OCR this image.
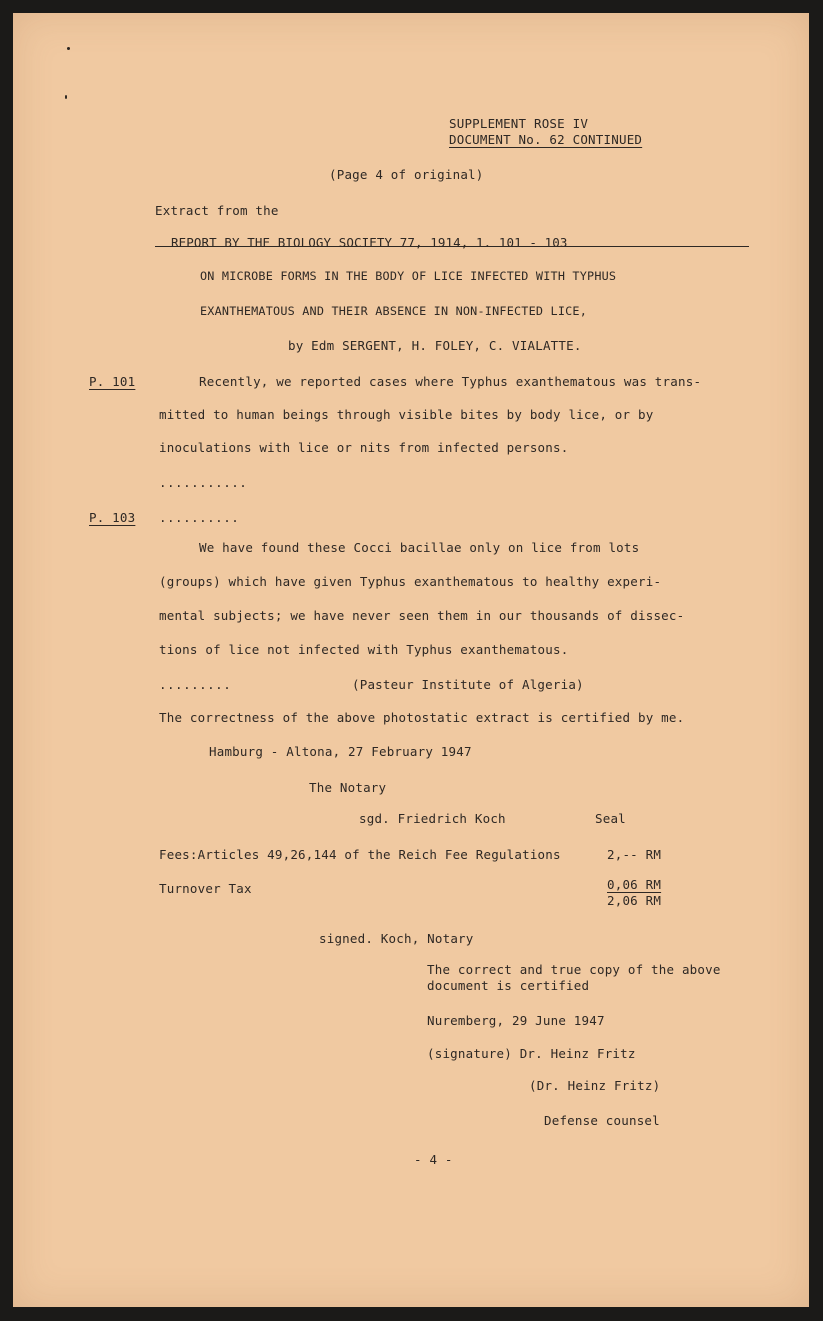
SUPPLEMENT ROSE IV
DOCUMENT No. 62 CONTINUED
(Page 4 of original)
Extract from the
REPORT BY THE BIOLOGY SOCIETY 77, 1914, 1. 101 - 103
ON MICROBE FORMS IN THE BODY OF LICE INFECTED WITH TYPHUS
EXANTHEMATOUS AND THEIR ABSENCE IN NON-INFECTED LICE,
by Edm SERGENT, H. FOLEY, C. VIALATTE.
P. 101	Recently, we reported cases where Typhus exanthematous was trans-
mitted to human beings through visible bites by body lice, or by
inoculations with lice or nits from infected persons.
...........
P. 103 ..........
We have found these Cocci bacillae only on lice from lots
(groups) which have given Typhus exanthematous to healthy experi-
mental subjects; we have never seen them in our thousands of dissec-
tions of lice not infected with Typhus exanthematous.
.........	(Pasteur Institute of Algeria)
The correctness of the above photostatic extract is certified by me.
Hamburg - Altona, 27 February 1947
The Notary
sgd. Friedrich Koch	Seal
Fees:Articles 49,26,144 of the Reich Fee Regulations	2,-- RM
Turnover Tax	0,06 RM
2,06 RM
signed. Koch, Notary
The correct and true copy of the above
document is certified
Nuremberg, 29 June 1947
(signature) Dr. Heinz Fritz
(Dr. Heinz Fritz)
Defense counsel
- 4 -
